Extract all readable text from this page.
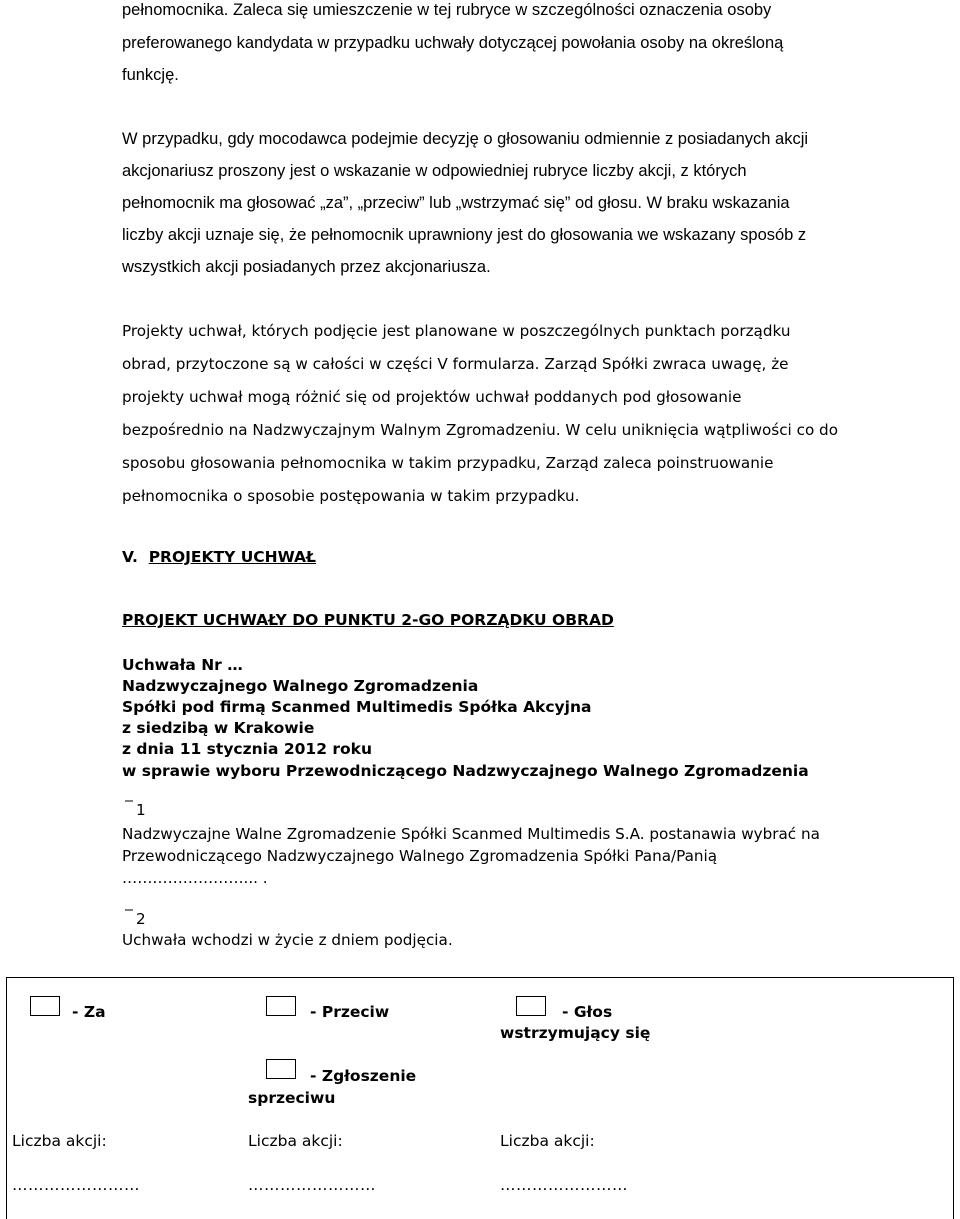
pełnomocnika. Zaleca się umieszczenie w tej rubryce w szczególności oznaczenia osoby
preferowanego kandydata w przypadku uchwały dotyczącej powołania osoby na określoną
funkcję.
W przypadku, gdy mocodawca podejmie decyzję o głosowaniu odmiennie z posiadanych akcji
akcjonariusz proszony jest o wskazanie w odpowiedniej rubryce liczby akcji, z których
pełnomocnik ma głosować „za”, „przeciw” lub „wstrzymać się” od głosu. W braku wskazania
liczby akcji uznaje się, że pełnomocnik uprawniony jest do głosowania we wskazany sposób z
wszystkich akcji posiadanych przez akcjonariusza.
Projekty uchwał, których podjęcie jest planowane w poszczególnych punktach porządku
obrad, przytoczone są w całości w części V formularza. Zarząd Spółki zwraca uwagę, że
projekty uchwał mogą różnić się od projektów uchwał poddanych pod głosowanie
bezpośrednio na Nadzwyczajnym Walnym Zgromadzeniu. W celu uniknięcia wątpliwości co do
sposobu głosowania pełnomocnika w takim przypadku, Zarząd zaleca poinstruowanie
pełnomocnika o sposobie postępowania w takim przypadku.
V. PROJEKTY UCHWAŁ
PROJEKT UCHWAŁY DO PUNKTU 2-GO PORZĄDKU OBRAD
Uchwała Nr …
Nadzwyczajnego Walnego Zgromadzenia
Spółki pod firmą Scanmed Multimedis Spółka Akcyjna
z siedzibą w Krakowie
z dnia 11 stycznia 2012 roku
w sprawie wyboru Przewodniczącego Nadzwyczajnego Walnego Zgromadzenia
1
Nadzwyczajne Walne Zgromadzenie Spółki Scanmed Multimedis S.A. postanawia wybrać na
Przewodniczącego Nadzwyczajnego Walnego Zgromadzenia Spółki Pana/Panią
……………………... .
2
Uchwała wchodzi w życie z dniem podjęcia.
- Za	- Przeciw	- Głos
wstrzymujący się
- Zgłoszenie
sprzeciwu
Liczba akcji:	Liczba akcji:	Liczba akcji:
……………………	……………………	……………………
